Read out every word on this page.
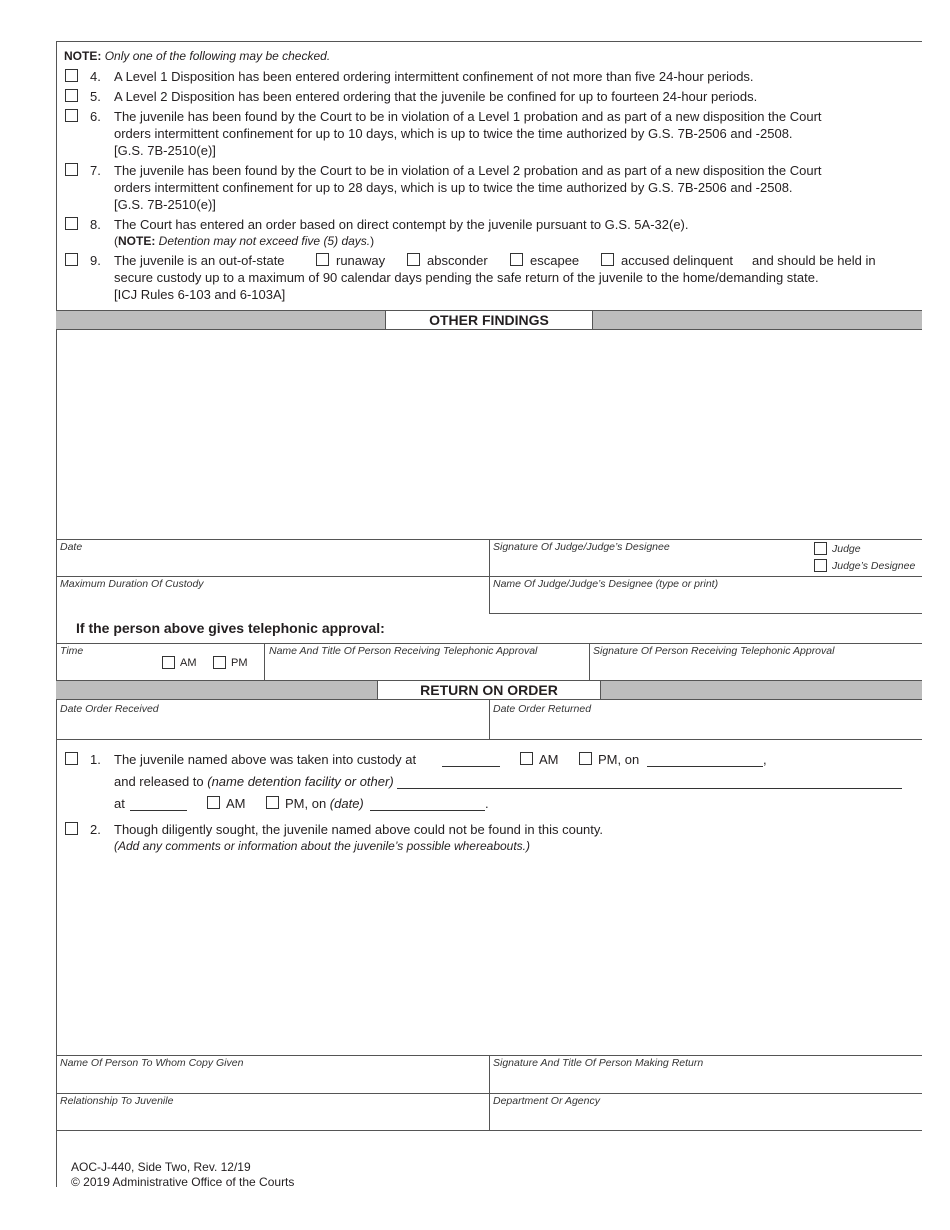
NOTE: Only one of the following may be checked.
4. A Level 1 Disposition has been entered ordering intermittent confinement of not more than five 24-hour periods.
5. A Level 2 Disposition has been entered ordering that the juvenile be confined for up to fourteen 24-hour periods.
6. The juvenile has been found by the Court to be in violation of a Level 1 probation and as part of a new disposition the Court
orders intermittent confinement for up to 10 days, which is up to twice the time authorized by G.S. 7B-2506 and -2508.
[G.S. 7B-2510(e)]
7. The juvenile has been found by the Court to be in violation of a Level 2 probation and as part of a new disposition the Court
orders intermittent confinement for up to 28 days, which is up to twice the time authorized by G.S. 7B-2506 and -2508.
[G.S. 7B-2510(e)]
8. The Court has entered an order based on direct contempt by the juvenile pursuant to G.S. 5A-32(e).
(NOTE: Detention may not exceed five (5) days.)
9. The juvenile is an out-of-state	runaway	absconder	escapee	accused delinquent and should be held in
secure custody up to a maximum of 90 calendar days pending the safe return of the juvenile to the home/demanding state.
[ICJ Rules 6-103 and 6-103A]
OTHER FINDINGS
Date	Signature Of Judge/Judge’s Designee	Judge
Judge’s Designee
Maximum Duration Of Custody	Name Of Judge/Judge’s Designee (type or print)
If the person above gives telephonic approval:
Time
AM	PM
Name And Title Of Person Receiving Telephonic Approval	Signature Of Person Receiving Telephonic Approval
RETURN ON ORDER
Date Order Received	Date Order Returned
1. The juvenile named above was taken into custody at	AM	PM, on	,
and released to (name detention facility or other)
at	AM	PM, on (date)	.
2. Though diligently sought, the juvenile named above could not be found in this county.
(Add any comments or information about the juvenile’s possible whereabouts.)
Name Of Person To Whom Copy Given	Signature And Title Of Person Making Return
Relationship To Juvenile	Department Or Agency
AOC-J-440, Side Two, Rev. 12/19
© 2019 Administrative Office of the Courts
